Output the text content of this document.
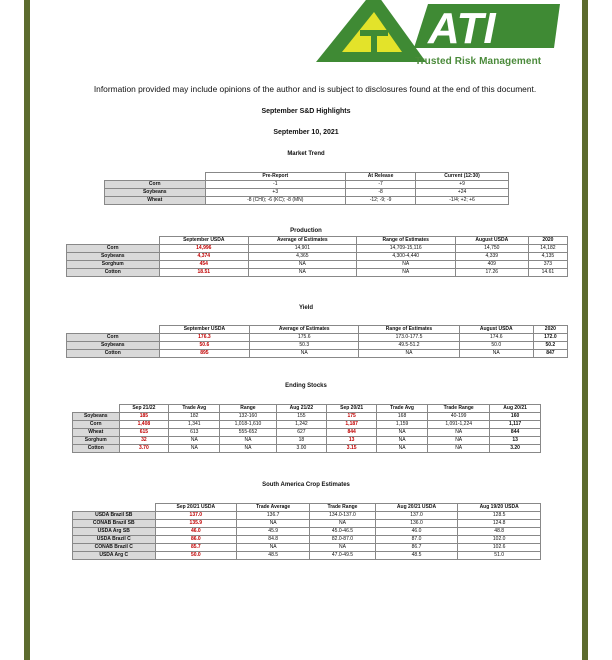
ATI
Trusted Risk Management
Information provided may include opinions of the author and is subject to disclosures found at the end of this document.
September S&D Highlights
September 10, 2021
Market Trend
	Pre-Report	At Release	Current (12:30)
Corn	-1	-7	+9
Soybeans	+3	-8	+24
Wheat	-8 (CHI); -6 (KC); -8 (MN)	-12; -9; -9	-1/4; +2; +6
Production
	September USDA	Average of Estimates	Range of Estimates	August USDA	2020
Corn	14,996	14,901	14,709-15,116	14,750	14,182
Soybeans	4,374	4,365	4,300-4,440	4,339	4,135
Sorghum	454	NA	NA	409	373
Cotton	18.51	NA	NA	17.26	14.61
Yield
	September USDA	Average of Estimates	Range of Estimates	August USDA	2020
Corn	176.3	175.6	173.0-177.5	174.6	172.0
Soybeans	50.6	50.3	49.5-51.2	50.0	50.2
Cotton	895	NA	NA	NA	847
Ending Stocks
	Sep 21/22	Trade Avg	Range	Aug 21/22	Sep 20/21	Trade Avg	Trade Range	Aug 20/21
Soybeans	185	182	132-160	155	175	168	40-199	160
Corn	1,408	1,341	1,018-1,610	1,242	1,187	1,159	1,091-1,224	1,117
Wheat	615	613	555-652	627	844	NA	NA	844
Sorghum	32	NA	NA	18	13	NA	NA	13
Cotton	3.70	NA	NA	3.00	3.15	NA	NA	3.20
South America Crop Estimates
	Sep 20/21 USDA	Trade Average	Trade Range	Aug 20/21 USDA	Aug 19/20 USDA
USDA Brazil SB	137.0	136.7	134.0-137.0	137.0	128.5
CONAB Brazil SB	135.9	NA	NA	136.0	124.8
USDA Arg SB	46.0	45.9	45.0-46.5	46.0	48.8
USDA Brazil C	86.0	84.8	82.0-87.0	87.0	102.0
CONAB Brazil C	85.7	NA	NA	86.7	102.6
USDA Arg C	50.0	48.5	47.0-49.5	48.5	51.0
